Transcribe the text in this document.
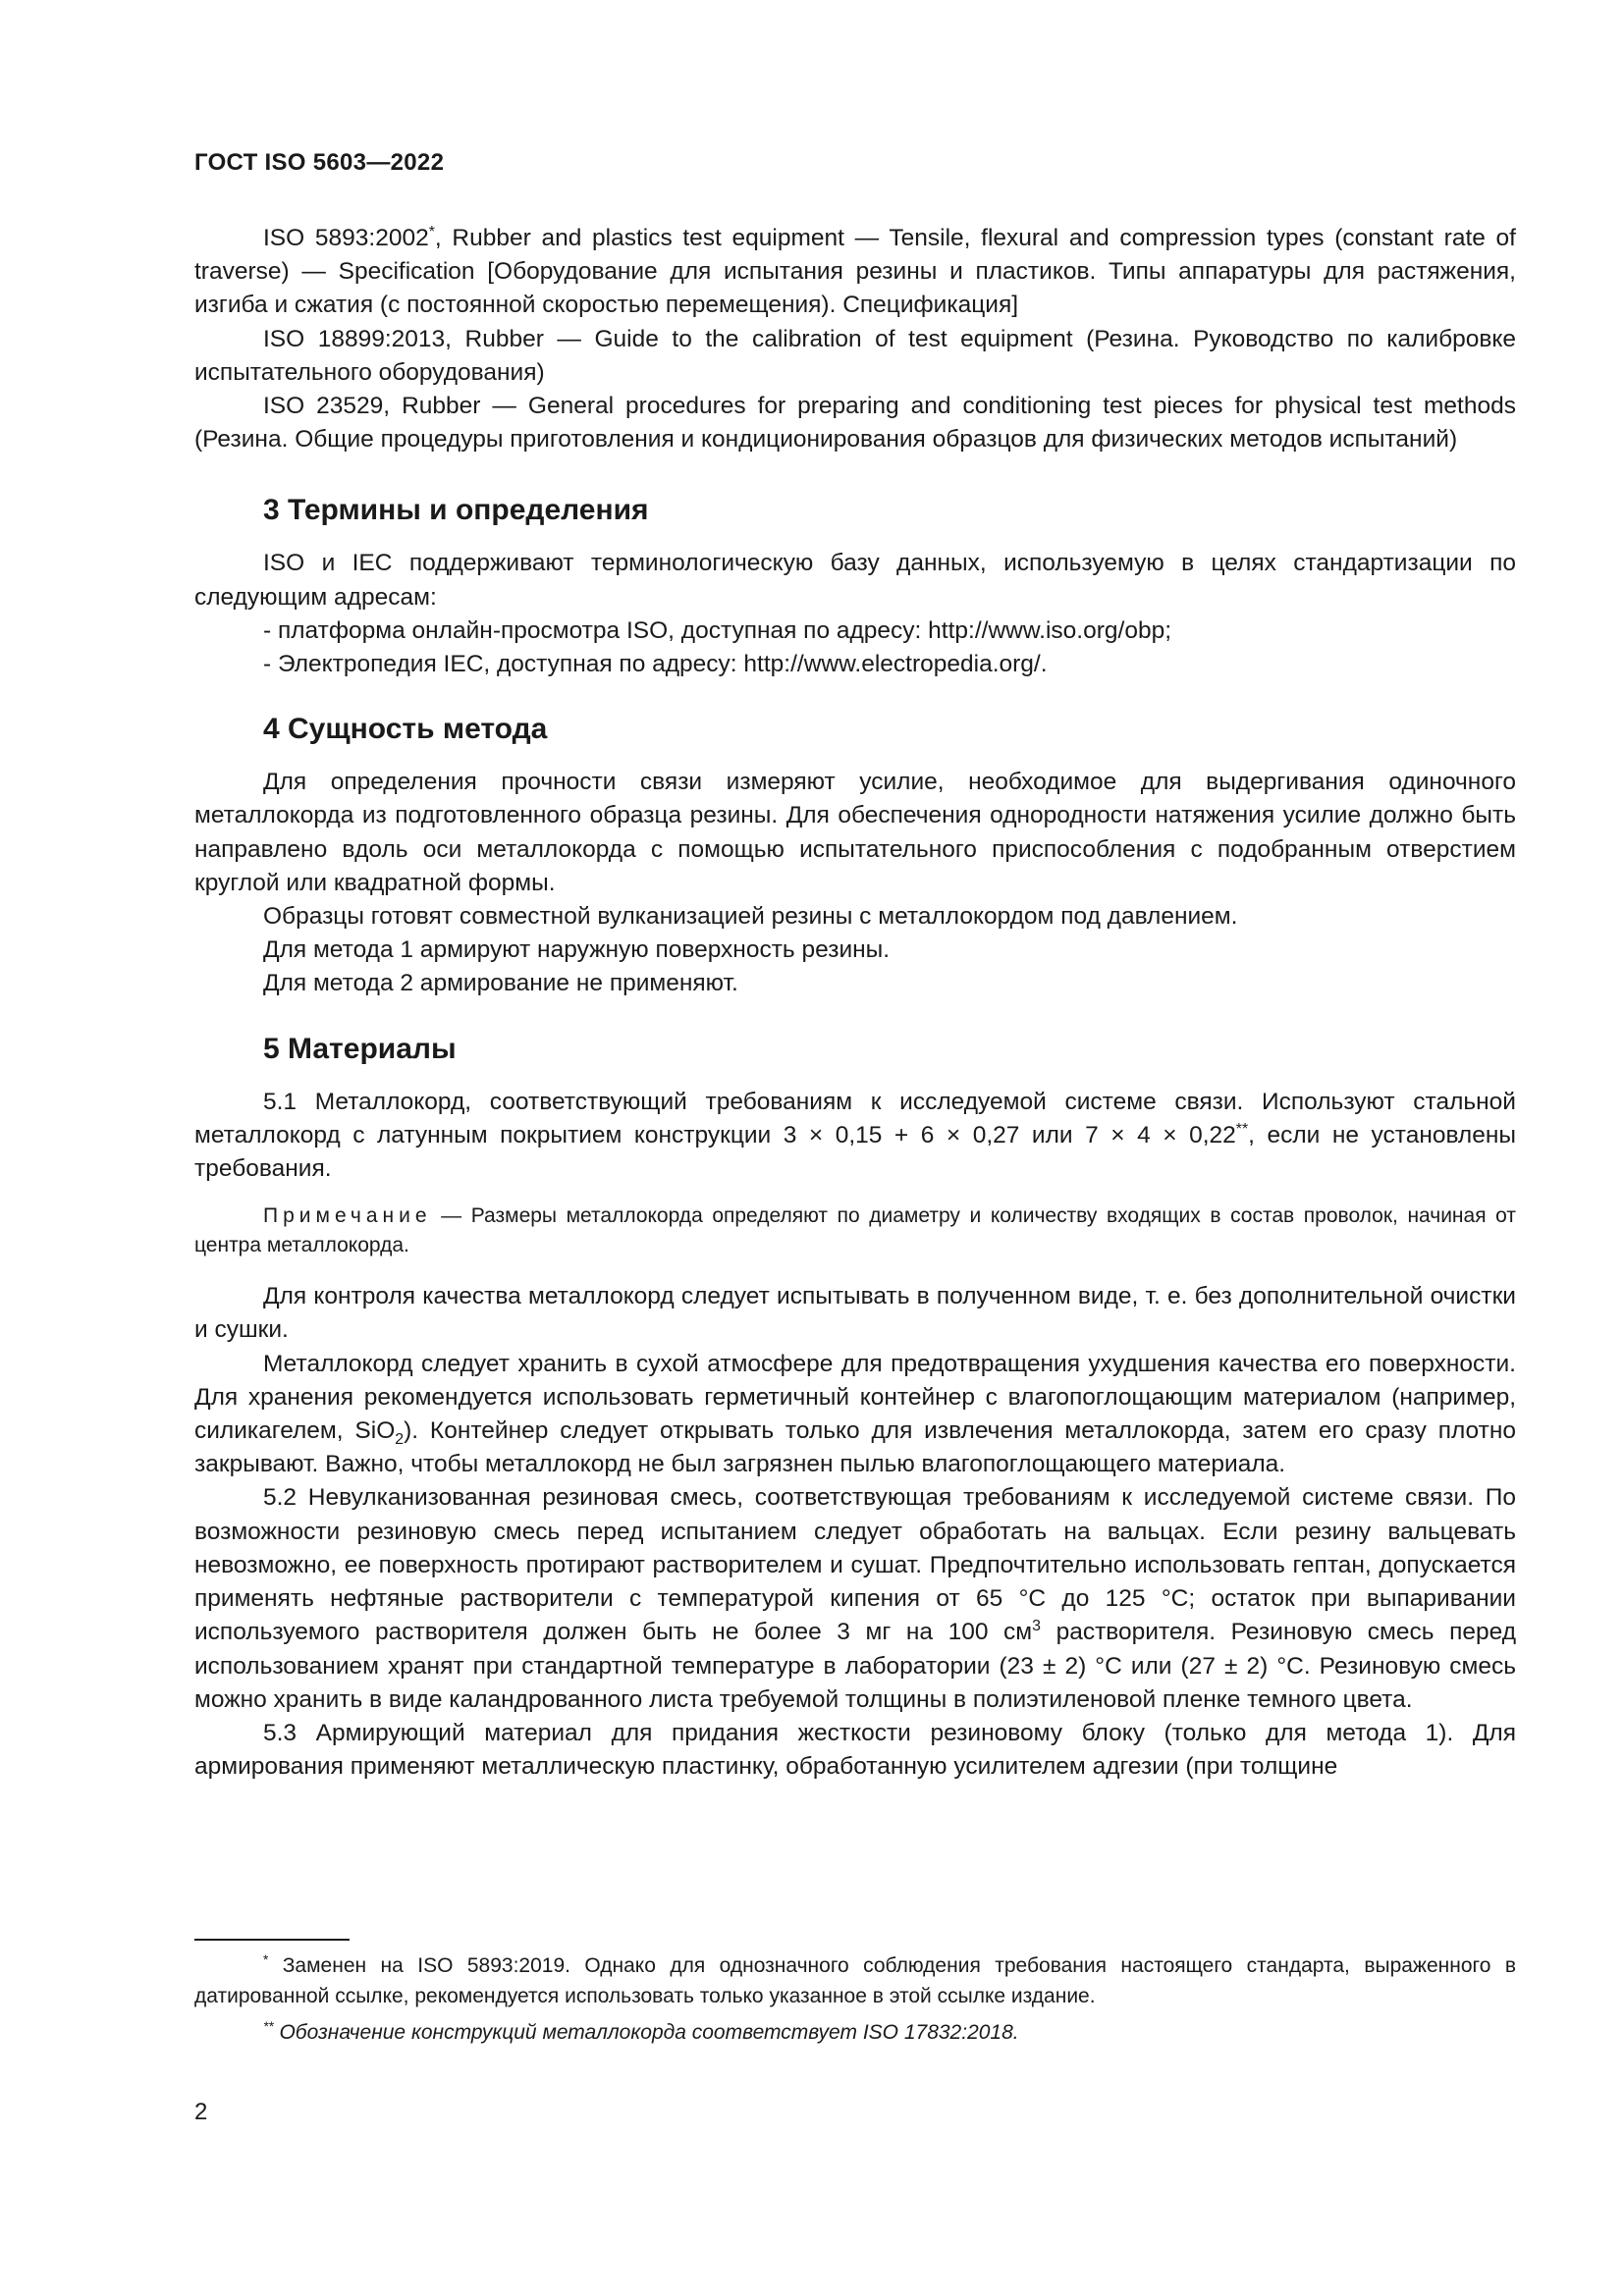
ГОСТ ISO 5603—2022

ISO 5893:2002*, Rubber and plastics test equipment — Tensile, flexural and compression types (constant rate of traverse) — Specification [Оборудование для испытания резины и пластиков. Типы аппаратуры для растяжения, изгиба и сжатия (с постоянной скоростью перемещения). Спецификация]

ISO 18899:2013, Rubber — Guide to the calibration of test equipment (Резина. Руководство по калибровке испытательного оборудования)

ISO 23529, Rubber — General procedures for preparing and conditioning test pieces for physical test methods (Резина. Общие процедуры приготовления и кондиционирования образцов для физических методов испытаний)

3 Термины и определения

ISO и IEC поддерживают терминологическую базу данных, используемую в целях стандартизации по следующим адресам:

- платформа онлайн-просмотра ISO, доступная по адресу: http://www.iso.org/obp;

- Электропедия IEC, доступная по адресу: http://www.electropedia.org/.

4 Сущность метода

Для определения прочности связи измеряют усилие, необходимое для выдергивания одиночного металлокорда из подготовленного образца резины. Для обеспечения однородности натяжения усилие должно быть направлено вдоль оси металлокорда с помощью испытательного приспособления с подобранным отверстием круглой или квадратной формы.

Образцы готовят совместной вулканизацией резины с металлокордом под давлением.

Для метода 1 армируют наружную поверхность резины.

Для метода 2 армирование не применяют.

5 Материалы

5.1 Металлокорд, соответствующий требованиям к исследуемой системе связи. Используют стальной металлокорд с латунным покрытием конструкции 3 × 0,15 + 6 × 0,27 или 7 × 4 × 0,22**, если не установлены требования.

Примечание — Размеры металлокорда определяют по диаметру и количеству входящих в состав проволок, начиная от центра металлокорда.

Для контроля качества металлокорд следует испытывать в полученном виде, т. е. без дополнительной очистки и сушки.

Металлокорд следует хранить в сухой атмосфере для предотвращения ухудшения качества его поверхности. Для хранения рекомендуется использовать герметичный контейнер с влагопоглощающим материалом (например, силикагелем, SiO$_2$). Контейнер следует открывать только для извлечения металлокорда, затем его сразу плотно закрывают. Важно, чтобы металлокорд не был загрязнен пылью влагопоглощающего материала.

5.2 Невулканизованная резиновая смесь, соответствующая требованиям к исследуемой системе связи. По возможности резиновую смесь перед испытанием следует обработать на вальцах. Если резину вальцевать невозможно, ее поверхность протирают растворителем и сушат. Предпочтительно использовать гептан, допускается применять нефтяные растворители с температурой кипения от 65 °C до 125 °C; остаток при выпаривании используемого растворителя должен быть не более 3 мг на 100 $см^3$ растворителя. Резиновую смесь перед использованием хранят при стандартной температуре в лаборатории (23 ± 2) °C или (27 ± 2) °C. Резиновую смесь можно хранить в виде каландрованного листа требуемой толщины в полиэтиленовой пленке темного цвета.

5.3 Армирующий материал для придания жесткости резиновому блоку (только для метода 1). Для армирования применяют металлическую пластинку, обработанную усилителем адгезии (при толщине

* Заменен на ISO 5893:2019. Однако для однозначного соблюдения требования настоящего стандарта, выраженного в датированной ссылке, рекомендуется использовать только указанное в этой ссылке издание.

** Обозначение конструкций металлокорда соответствует ISO 17832:2018.

2
